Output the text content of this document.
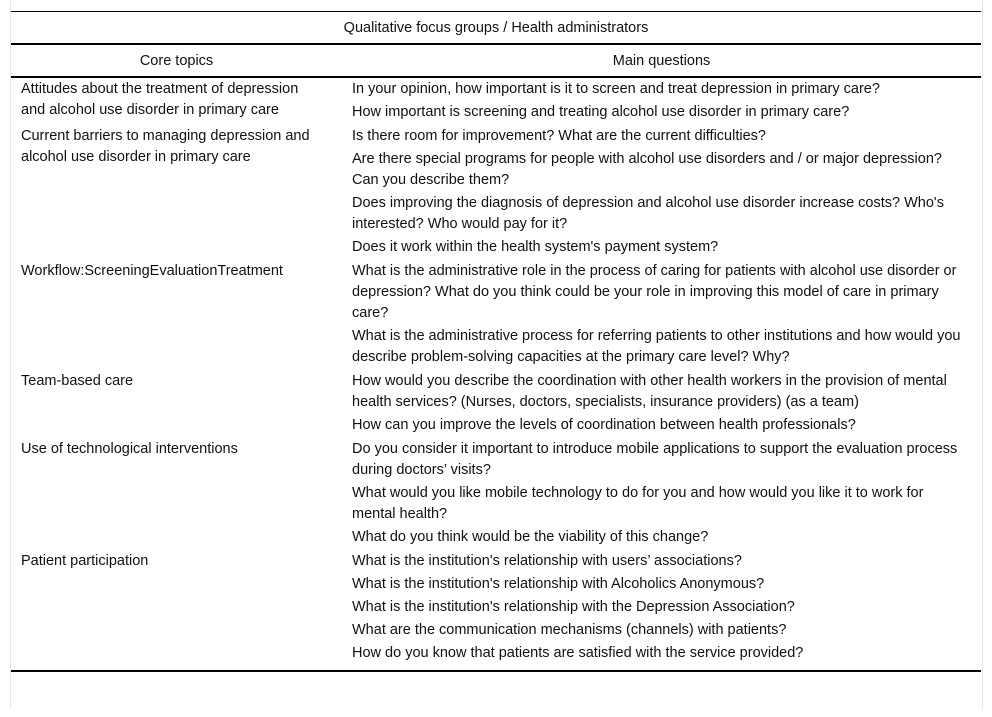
Qualitative focus groups / Health administrators	
Core topics	Main questions
Attitudes about the treatment of depression and alcohol use disorder in primary care	In your opinion, how important is it to screen and treat depression in primary care?
How important is screening and treating alcohol use disorder in primary care?

Current barriers to managing depression and alcohol use disorder in primary care	Is there room for improvement? What are the current difficulties?
Are there special programs for people with alcohol use disorders and / or major depression? Can you describe them?
Does improving the diagnosis of depression and alcohol use disorder increase costs? Who's interested? Who would pay for it?
Does it work within the health system's payment system?

Workflow:ScreeningEvaluationTreatment	What is the administrative role in the process of caring for patients with alcohol use disorder or depression? What do you think could be your role in improving this model of care in primary care?
What is the administrative process for referring patients to other institutions and how would you describe problem-solving capacities at the primary care level? Why?

Team-based care	How would you describe the coordination with other health workers in the provision of mental health services? (Nurses, doctors, specialists, insurance providers) (as a team)
How can you improve the levels of coordination between health professionals?

Use of technological interventions	Do you consider it important to introduce mobile applications to support the evaluation process during doctors’ visits?
What would you like mobile technology to do for you and how would you like it to work for mental health?
What do you think would be the viability of this change?

Patient participation	What is the institution's relationship with users’ associations?
What is the institution's relationship with Alcoholics Anonymous?
What is the institution's relationship with the Depression Association?
What are the communication mechanisms (channels) with patients?
How do you know that patients are satisfied with the service provided?
